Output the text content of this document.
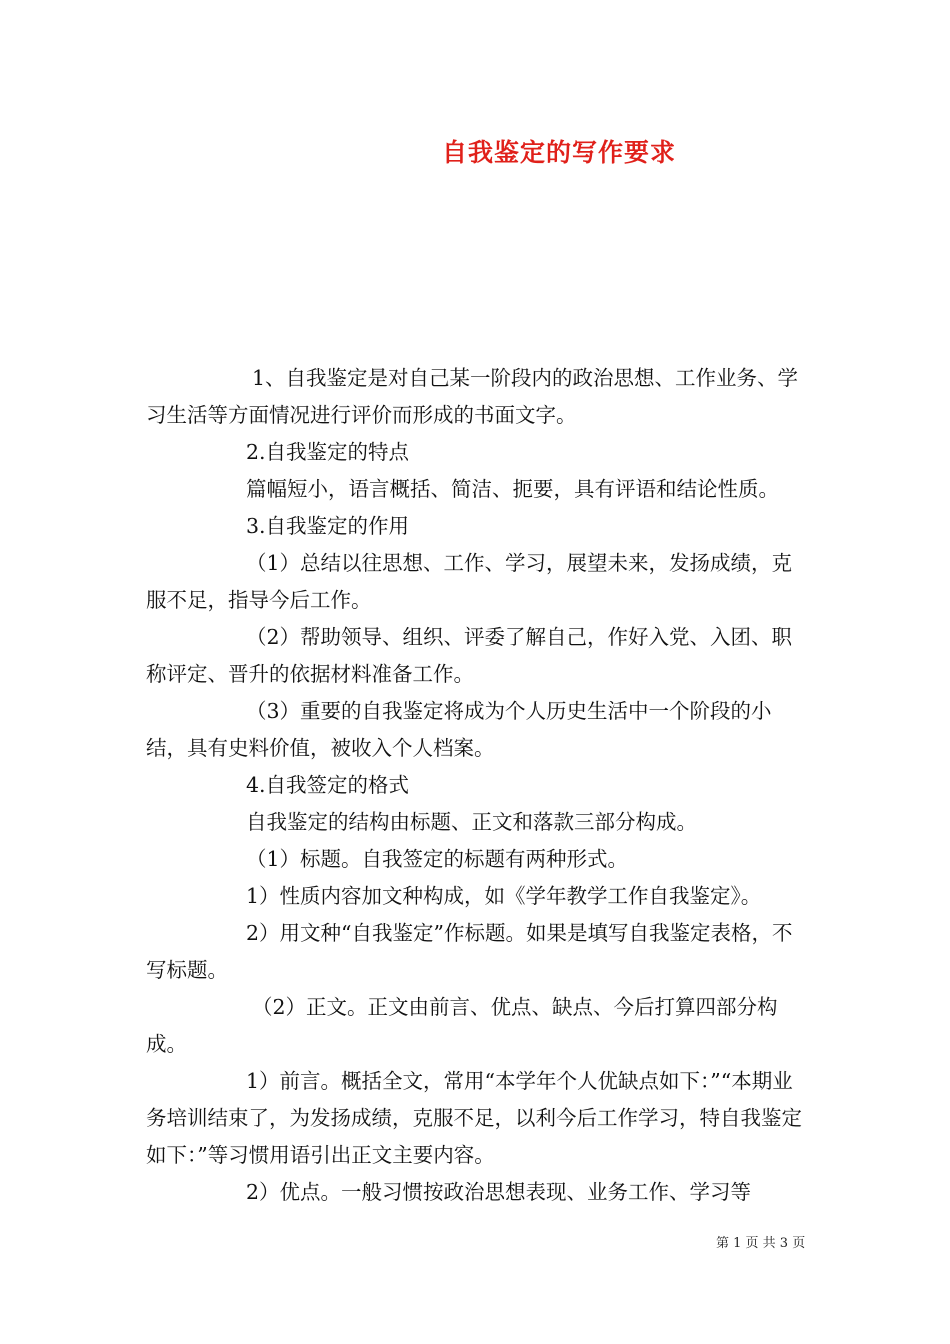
自我鉴定的写作要求

1、自我鉴定是对自己某一阶段内的政治思想、工作业务、学习生活等方面情况进行评价而形成的书面文字。

2.自我鉴定的特点

篇幅短小，语言概括、简洁、扼要，具有评语和结论性质。

3.自我鉴定的作用

（1）总结以往思想、工作、学习，展望未来，发扬成绩，克服不足，指导今后工作。

（2）帮助领导、组织、评委了解自己，作好入党、入团、职称评定、晋升的依据材料准备工作。

（3）重要的自我鉴定将成为个人历史生活中一个阶段的小结，具有史料价值，被收入个人档案。

4.自我签定的格式

自我鉴定的结构由标题、正文和落款三部分构成。

（1）标题。自我签定的标题有两种形式。

1）性质内容加文种构成，如《学年教学工作自我鉴定》。

2）用文种“自我鉴定”作标题。如果是填写自我鉴定表格，不写标题。

（2）正文。正文由前言、优点、缺点、今后打算四部分构成。

1）前言。概括全文，常用“本学年个人优缺点如下：”“本期业务培训结束了，为发扬成绩，克服不足，以利今后工作学习，特自我鉴定如下：”等习惯用语引出正文主要内容。

2）优点。一般习惯按政治思想表现、业务工作、学习等

第 1 页 共 3 页
